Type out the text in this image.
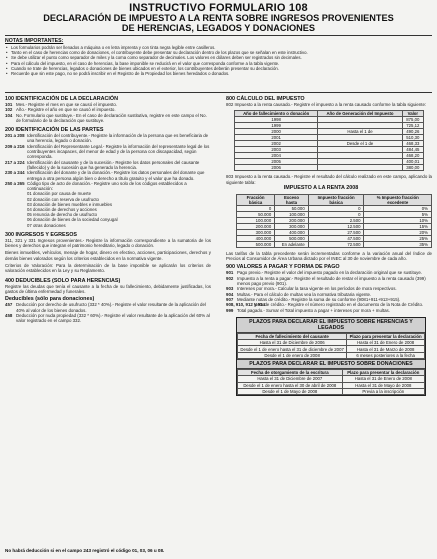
INSTRUCTIVO FORMULARIO 108
DECLARACIÓN DE IMPUESTO A LA RENTA SOBRE INGRESOS PROVENIENTES
DE HERENCIAS, LEGADOS Y DONACIONES
NOTAS IMPORTANTES:
• Los formularios podrán ser llenados a máquina o en letra imprenta y con tinta negra legible entre casilleros.
• Tanto en el caso de herencias como de donaciones, el contribuyente debe presentar su declaración dentro de los plazos que se señalan en este instructivo.
• Se debe utilizar el punto como separador de miles y la coma como separador de decimales. Los valores en dólares deben ser registrados sin decimales.
• Para el cálculo del impuesto, en el caso de herencias, la base imponible se reducirá en el valor que corresponda conforme a la tabla vigente.
• Cuando se trate de herencias, legados o donaciones de bienes ubicados en el exterior, los contribuyentes deberán presentar su declaración.
• Recuerde que sin este pago, no se podrá inscribir en el Registro de la Propiedad los bienes heredados o donados.
100 IDENTIFICACIÓN DE LA DECLARACIÓN
101 Mes.- Registre el mes en que se causó el impuesto.
102 Año.- Registre el año en que se causó el impuesto.
104 No. Formulario que sustituye.- En el caso de declaración sustitutiva, registre en este campo el No. de formulario de la declaración que sustituye.
200 IDENTIFICACIÓN DE LAS PARTES
201 a 208 Identificación del contribuyente.- Registre la información de la persona que es beneficiaria de una herencia, legado o donación.
209 a 216 Identificación del Representante Legal.- Registre la información del representante legal de los contribuyentes incapaces, del menor de edad y de la persona con discapacidad, según corresponda.
217 a 224 Identificación del causante y de la sucesión.- Registre los datos personales del causante (fallecido) y de la sucesión que ha generado la herencia.
230 a 244 Identificación del donante y de la donación.- Registre los datos personales del donante que entrega a otra persona algún bien o derecho a título gratuito y el valor que ha donado.
250 a 265 Código tipo de acto de donación.- Registre uno solo de los códigos establecidos a continuación:
01 donación por causa de muerte
02 donación con reserva de usufructo
03 donación de bienes muebles e inmuebles
04 donación de derechos y acciones
05 renuncia de derecho de usufructo
06 donación de bienes de la sociedad conyugal
07 otras donaciones
300 INGRESOS Y EGRESOS
311, 321 y 331 Ingresos provenientes.- Registre la información correspondiente a la sumatoria de los bienes y derechos que integran el patrimonio hereditario, legado o donación.
Bienes inmuebles, vehículos, menaje de hogar, dinero en efectivo, acciones, participaciones, derechos y demás bienes valorados según los criterios establecidos en la normativa vigente.
Criterios de Valoración: Para la determinación de la base imponible se aplicarán los criterios de valoración establecidos en la Ley y su Reglamento.
400 DEDUCIBLES (SOLO PARA HERENCIAS)
Registre las deudas que tenía el causante a la fecha de su fallecimiento, debidamente justificadas, los gastos de última enfermedad y funerales.
Deducibles (sólo para donaciones)
457 Deducción por derecho de usufructo (332 * 40%).- Registre el valor resultante de la aplicación del 40% al valor de los bienes donados.
458 Deducción por nuda propiedad (332 * 60%).- Registre el valor resultante de la aplicación del 60% al valor registrado en el campo 332.
800 CÁLCULO DEL IMPUESTO
802 Impuesto a la renta causado.- Registre el impuesto a la renta causado conforme la tabla siguiente:
Año de fallecimiento o donación	Año de Generación del Impuesto	Valor
1998		875,00
1999		725,12
2000	Hasta el 1 de	490,26
2001		510,30
2002	Desde el 1 de	468,33
2003		484,45
2004		468,20
2005		400,01
2006		380,00
803 Impuesto a la renta causado.- Registre el resultado del cálculo realizado en este campo, aplicando la siguiente tabla:
IMPUESTO A LA RENTA 2008
Fracción básica	Exceso hasta	Impuesto fracción básica	% Impuesto fracción excedente
0	50.000	0	0%
50.000	100.000	0	5%
100.000	200.000	2.500	10%
200.000	300.000	12.500	15%
300.000	400.000	27.500	20%
400.000	500.000	47.500	25%
500.000	En adelante	72.500	35%
Las tarifas de la tabla precedente serán incrementadas conforme a la variación anual del Índice de Precios al Consumidor de Área Urbana dictado por el INEC al 30 de noviembre de cada año.
900 VALORES A PAGAR Y FORMA DE PAGO
901 Pago previo.- Registre el valor del impuesto pagado en la declaración original que se sustituye.
902 Impuesto a la renta a pagar.- Registre el resultado de restar el impuesto a la renta causado (399) menos pago previo (901).
903 Intereses por mora.- Calcular la tasa vigente en los períodos de mora respectivos.
904 Multas.- Para el cálculo de multas vea la normativa tributaria vigente.
907 Mediante notas de crédito.- Registre la suma de su conforme (9081+911+913+915).
908, 910, 912 y 914
Nota de crédito.- Registre el número registrado en el documento de la Nota de Crédito.
999 Total pagado.- Sumar el Total impuesto a pagar + intereses por mora + multas.
PLAZOS PARA DECLARAR EL IMPUESTO SOBRE HERENCIAS Y LEGADOS
Fecha de fallecimiento del causante	Plazo para presentar la declaración
Hasta el 31 de Diciembre de 2006	Hasta el 31 de Enero de 2008
Desde el 1 de enero hasta el 31 de diciembre de 2007	Hasta el 31 de Marzo de 2008
Desde el 1 de enero de 2008	6 meses posteriores a la fecha
PLAZOS PARA DECLARAR EL IMPUESTO SOBRE DONACIONES
Fecha de otorgamiento de la escritura	Plazo para presentar la declaración
Hasta el 31 de Diciembre de 2007	Hasta el 31 de Enero de 2008
Desde el 1 de enero hasta el 30 de abril de 2008	Hasta el 31 de Mayo de 2008
Desde el 1 de Mayo de 2008	Previa a la inscripción
No habrá deducción si en el campo 243 registró el código 01, 03, 06 u 08.
